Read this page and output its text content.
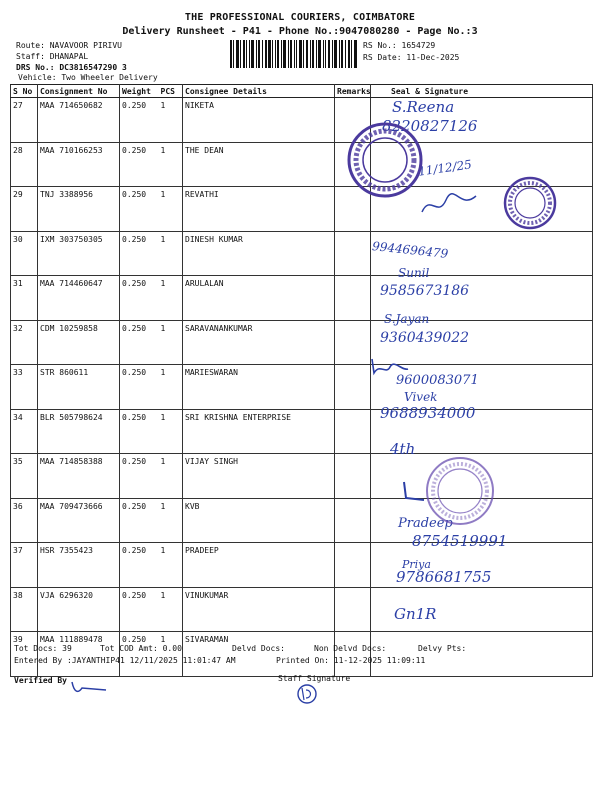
THE PROFESSIONAL COURIERS, COIMBATORE
Delivery Runsheet - P41 - Phone No.:9047080280 - Page No.:3
Route: NAVAVOOR PIRIVU
Staff: DHANAPAL
DRS No.: DC3816547290 3
Vehicle: Two Wheeler Delivery
RS No.: 1654729
RS Date: 11-Dec-2025
S No	Consignment No	Weight	PCS	Consignee Details	Remarks	Seal & Signature
27	MAA 714650682	0.250	1	NIKETA		
28	MAA 710166253	0.250	1	THE DEAN		
29	TNJ 3388956	0.250	1	REVATHI		
30	IXM 303750305	0.250	1	DINESH KUMAR		
31	MAA 714460647	0.250	1	ARULALAN		
32	CDM 10259858	0.250	1	SARAVANANKUMAR		
33	STR 860611	0.250	1	MARIESWARAN		
34	BLR 505798624	0.250	1	SRI KRISHNA ENTERPRISE		
35	MAA 714858388	0.250	1	VIJAY SINGH		
36	MAA 709473666	0.250	1	KVB		
37	HSR 7355423	0.250	1	PRADEEP		
38	VJA 6296320	0.250	1	VINUKUMAR		
39	MAA 111889478	0.250	1	SIVARAMAN		
S.Reena
8220827126
11/12/25
9944696479
Sunil
9585673186
S.Jayan
9360439022
9600083071
Vivek
9688934000
4th
Pradeep
8754519991
Priya
9786681755
Gn1R
Tot Docs: 39	Tot COD Amt: 0.00	Delvd Docs:	Non Delvd Docs:	Delvy Pts:
Entered By :JAYANTHIP41 12/11/2025 11:01:47 AM	Printed On: 11-12-2025 11:09:11
Verified By	Staff Signature
